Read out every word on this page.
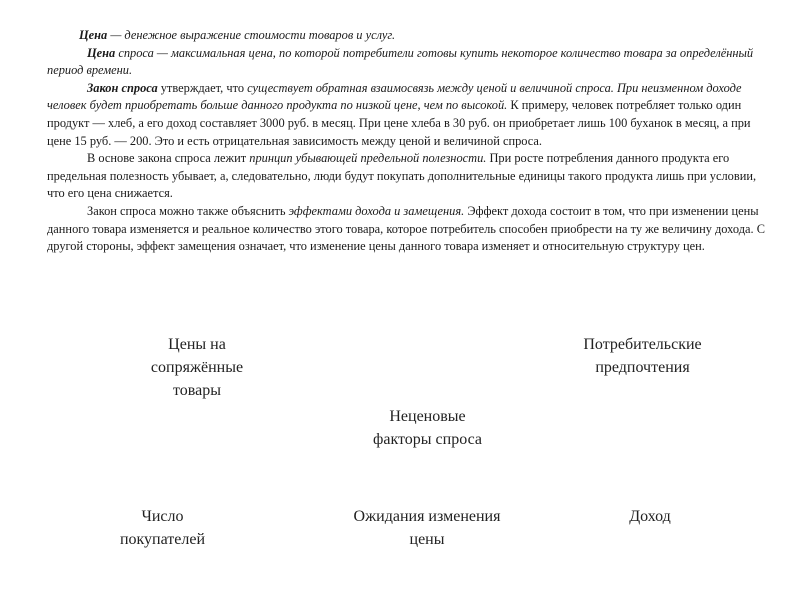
Цена — денежное выражение стоимости товаров и услуг.

Цена спроса — максимальная цена, по которой потребители готовы купить некоторое количество товара за определённый период времени.

Закон спроса утверждает, что существует обратная взаимосвязь между ценой и величиной спроса. При неизменном доходе человек будет приобретать больше данного продукта по низкой цене, чем по высокой. К примеру, человек потребляет только один продукт — хлеб, а его доход составляет 3000 руб. в месяц. При цене хлеба в 30 руб. он приобретает лишь 100 буханок в месяц, а при цене 15 руб. — 200. Это и есть отрицательная зависимость между ценой и величиной спроса.

В основе закона спроса лежит принцип убывающей предельной полезности. При росте потребления данного продукта его предельная полезность убывает, а, следовательно, люди будут покупать дополнительные единицы такого продукта лишь при условии, что его цена снижается.

Закон спроса можно также объяснить эффектами дохода и замещения. Эффект дохода состоит в том, что при изменении цены данного товара изменяется и реальное количество этого товара, которое потребитель способен приобрести на ту же величину дохода. С другой стороны, эффект замещения означает, что изменение цены данного товара изменяет и относительную структуру цен.

Цены на
сопряжённые
товары
Потребительские
предпочтения
Неценовые
факторы спроса
Число
покупателей
Ожидания изменения
цены
Доход
